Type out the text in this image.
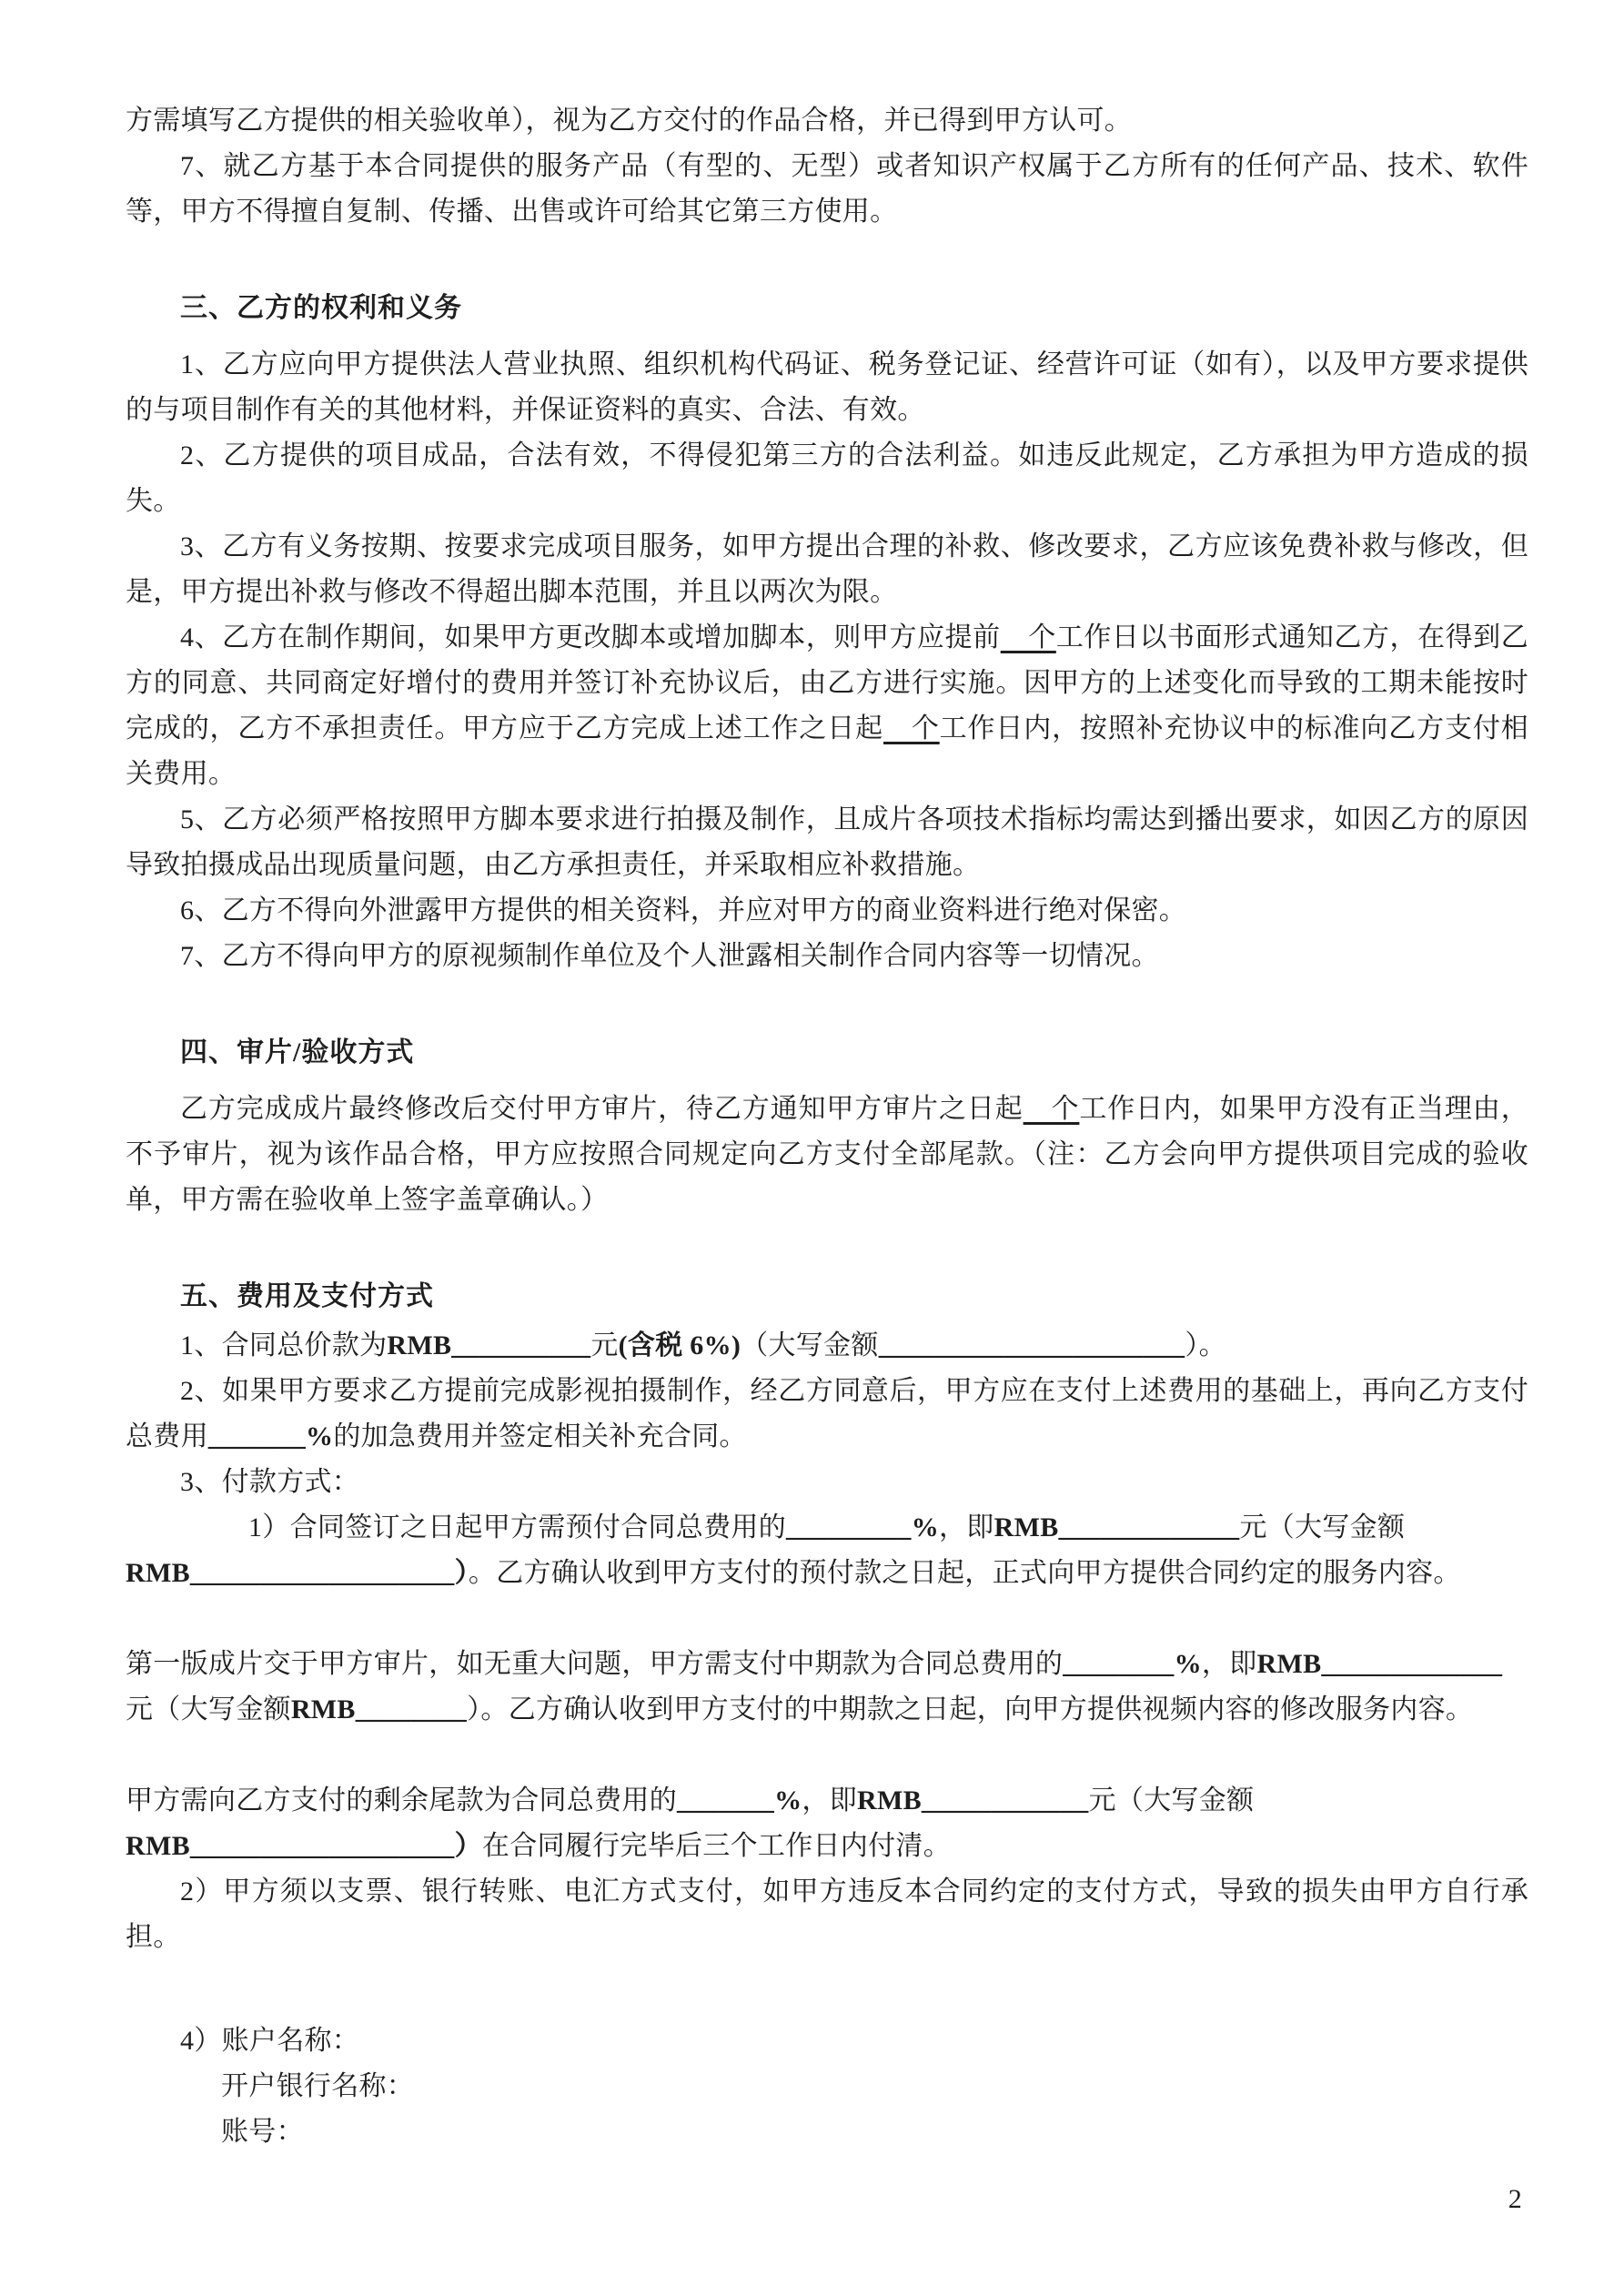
方需填写乙方提供的相关验收单），视为乙方交付的作品合格，并已得到甲方认可。
7、就乙方基于本合同提供的服务产品（有型的、无型）或者知识产权属于乙方所有的任何产品、技术、软件等，甲方不得擅自复制、传播、出售或许可给其它第三方使用。
三、乙方的权利和义务
1、乙方应向甲方提供法人营业执照、组织机构代码证、税务登记证、经营许可证（如有），以及甲方要求提供的与项目制作有关的其他材料，并保证资料的真实、合法、有效。
2、乙方提供的项目成品，合法有效，不得侵犯第三方的合法利益。如违反此规定，乙方承担为甲方造成的损失。
3、乙方有义务按期、按要求完成项目服务，如甲方提出合理的补救、修改要求，乙方应该免费补救与修改，但是，甲方提出补救与修改不得超出脚本范围，并且以两次为限。
4、乙方在制作期间，如果甲方更改脚本或增加脚本，则甲方应提前　个工作日以书面形式通知乙方，在得到乙方的同意、共同商定好增付的费用并签订补充协议后，由乙方进行实施。因甲方的上述变化而导致的工期未能按时完成的，乙方不承担责任。甲方应于乙方完成上述工作之日起　个工作日内，按照补充协议中的标准向乙方支付相关费用。
5、乙方必须严格按照甲方脚本要求进行拍摄及制作，且成片各项技术指标均需达到播出要求，如因乙方的原因导致拍摄成品出现质量问题，由乙方承担责任，并采取相应补救措施。
6、乙方不得向外泄露甲方提供的相关资料，并应对甲方的商业资料进行绝对保密。
7、乙方不得向甲方的原视频制作单位及个人泄露相关制作合同内容等一切情况。
四、审片/验收方式
乙方完成成片最终修改后交付甲方审片，待乙方通知甲方审片之日起　个工作日内，如果甲方没有正当理由，不予审片，视为该作品合格，甲方应按照合同规定向乙方支付全部尾款。（注：乙方会向甲方提供项目完成的验收单，甲方需在验收单上签字盖章确认。）
五、费用及支付方式
1、合同总价款为RMB__________元(含税 6%)（大写金额______________________）。
2、如果甲方要求乙方提前完成影视拍摄制作，经乙方同意后，甲方应在支付上述费用的基础上，再向乙方支付总费用_______%的加急费用并签定相关补充合同。
3、付款方式：
1）合同签订之日起甲方需预付合同总费用的_________%，即RMB_____________元（大写金额
RMB___________________）。乙方确认收到甲方支付的预付款之日起，正式向甲方提供合同约定的服务内容。
第一版成片交于甲方审片，如无重大问题，甲方需支付中期款为合同总费用的________%，即RMB_____________
元（大写金额RMB________）。乙方确认收到甲方支付的中期款之日起，向甲方提供视频内容的修改服务内容。
甲方需向乙方支付的剩余尾款为合同总费用的_______%，即RMB____________元（大写金额
RMB___________________）在合同履行完毕后三个工作日内付清。
2）甲方须以支票、银行转账、电汇方式支付，如甲方违反本合同约定的支付方式，导致的损失由甲方自行承担。
4）账户名称：
开户银行名称：
账号：
2
